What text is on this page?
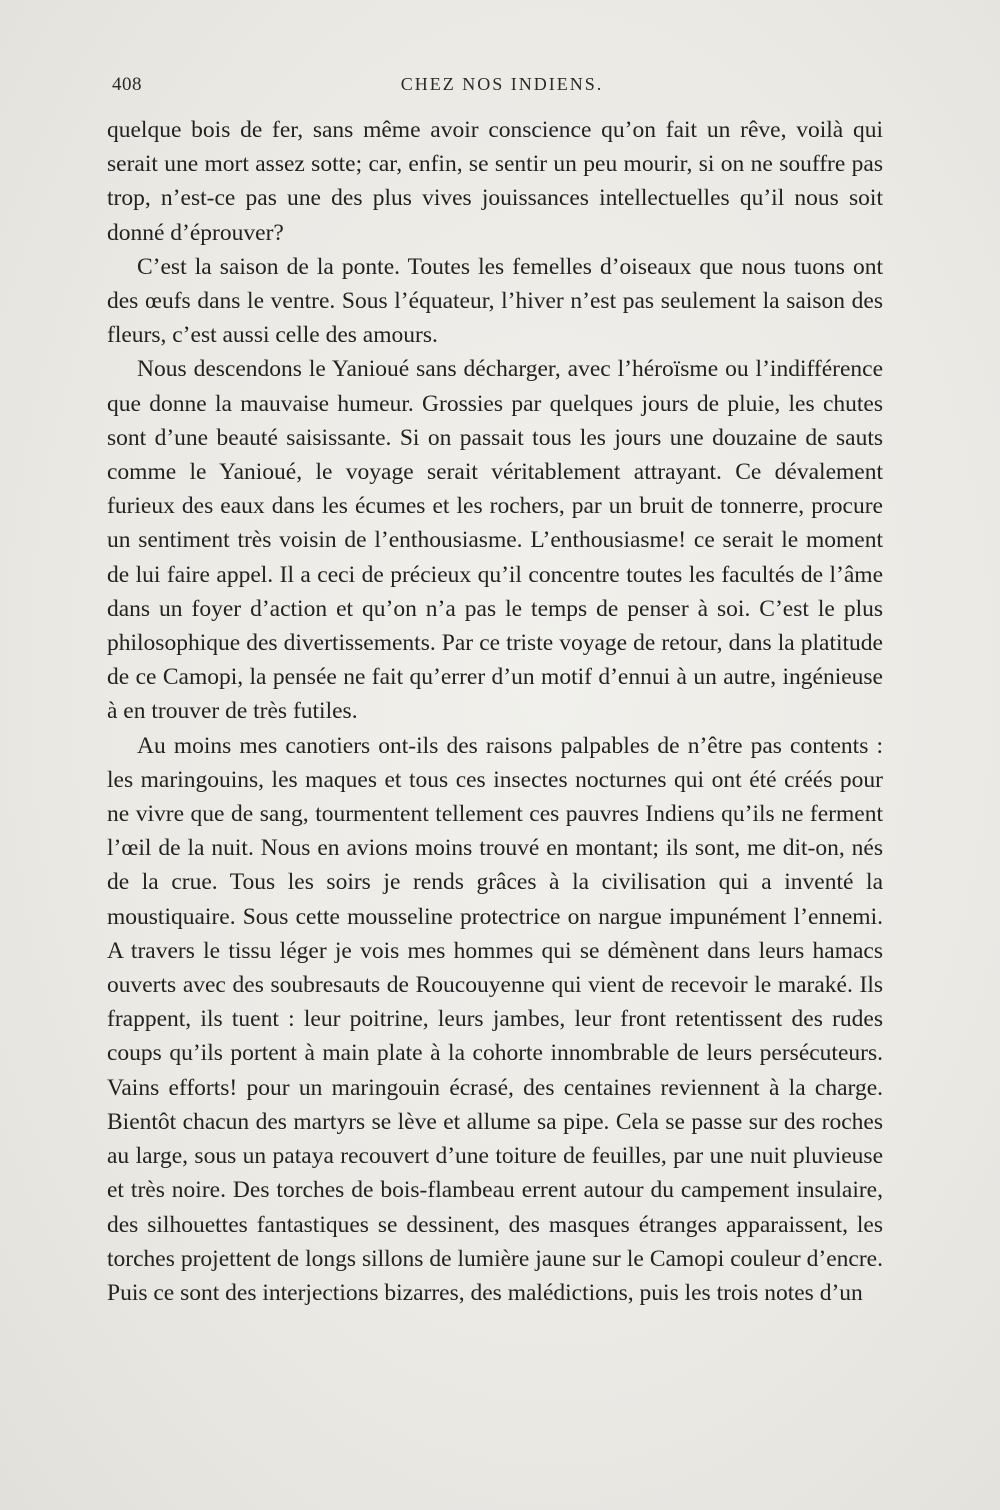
408	CHEZ NOS INDIENS.

quelque bois de fer, sans même avoir conscience qu’on fait un rêve, voilà qui serait une mort assez sotte; car, enfin, se sentir un peu mourir, si on ne souffre pas trop, n’est-ce pas une des plus vives jouissances intellectuelles qu’il nous soit donné d’éprouver?

C’est la saison de la ponte. Toutes les femelles d’oiseaux que nous tuons ont des œufs dans le ventre. Sous l’équateur, l’hiver n’est pas seulement la saison des fleurs, c’est aussi celle des amours.

Nous descendons le Yanioué sans décharger, avec l’héroïsme ou l’indifférence que donne la mauvaise humeur. Grossies par quelques jours de pluie, les chutes sont d’une beauté saisissante. Si on passait tous les jours une douzaine de sauts comme le Yanioué, le voyage serait véritablement attrayant. Ce dévalement furieux des eaux dans les écumes et les rochers, par un bruit de tonnerre, procure un sentiment très voisin de l’enthousiasme. L’enthousiasme! ce serait le moment de lui faire appel. Il a ceci de précieux qu’il concentre toutes les facultés de l’âme dans un foyer d’action et qu’on n’a pas le temps de penser à soi. C’est le plus philosophique des divertissements. Par ce triste voyage de retour, dans la platitude de ce Camopi, la pensée ne fait qu’errer d’un motif d’ennui à un autre, ingénieuse à en trouver de très futiles.

Au moins mes canotiers ont-ils des raisons palpables de n’être pas contents : les maringouins, les maques et tous ces insectes nocturnes qui ont été créés pour ne vivre que de sang, tourmentent tellement ces pauvres Indiens qu’ils ne ferment l’œil de la nuit. Nous en avions moins trouvé en montant; ils sont, me dit-on, nés de la crue. Tous les soirs je rends grâces à la civilisation qui a inventé la moustiquaire. Sous cette mousseline protectrice on nargue impunément l’ennemi. A travers le tissu léger je vois mes hommes qui se démènent dans leurs hamacs ouverts avec des soubresauts de Roucouyenne qui vient de recevoir le maraké. Ils frappent, ils tuent : leur poitrine, leurs jambes, leur front retentissent des rudes coups qu’ils portent à main plate à la cohorte innombrable de leurs persécuteurs. Vains efforts! pour un maringouin écrasé, des centaines reviennent à la charge. Bientôt chacun des martyrs se lève et allume sa pipe. Cela se passe sur des roches au large, sous un pataya recouvert d’une toiture de feuilles, par une nuit pluvieuse et très noire. Des torches de bois-flambeau errent autour du campement insulaire, des silhouettes fantastiques se dessinent, des masques étranges apparaissent, les torches projettent de longs sillons de lumière jaune sur le Camopi couleur d’encre. Puis ce sont des interjections bizarres, des malédictions, puis les trois notes d’un
